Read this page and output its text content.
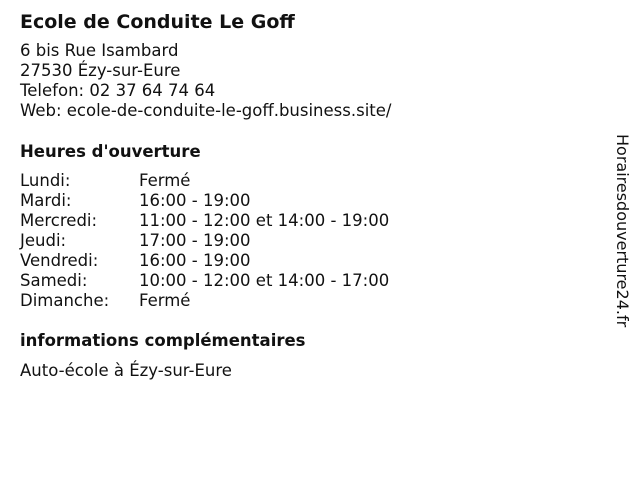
Ecole de Conduite Le Goff
6 bis Rue Isambard
27530 Ézy-sur-Eure
Telefon: 02 37 64 74 64
Web: ecole-de-conduite-le-goff.business.site/
Heures d'ouverture
Lundi:	Fermé
Mardi:	16:00 - 19:00
Mercredi:	11:00 - 12:00 et 14:00 - 19:00
Jeudi:	17:00 - 19:00
Vendredi:	16:00 - 19:00
Samedi:	10:00 - 12:00 et 14:00 - 17:00
Dimanche:	Fermé
informations complémentaires
Auto-école à Ézy-sur-Eure
Horairesdouverture24.fr
